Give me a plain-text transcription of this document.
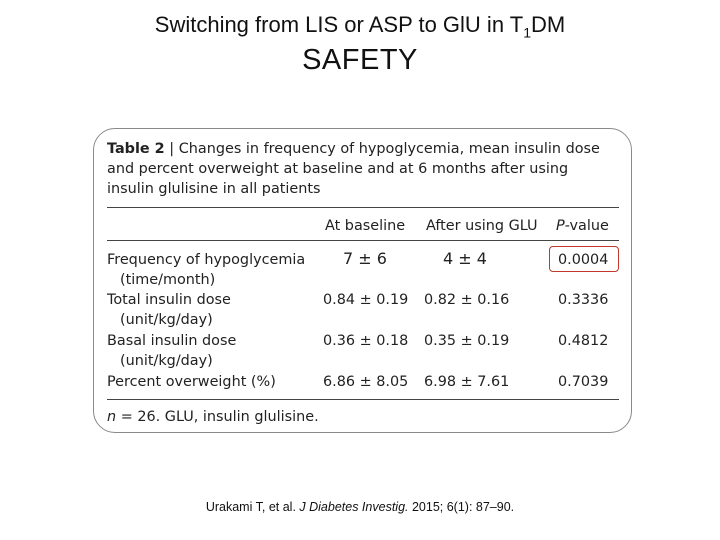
Switching from LIS or ASP to GlU in $T_1DM$
SAFETY
Table 2 | Changes in frequency of hypoglycemia, mean insulin dose and percent overweight at baseline and at 6 months after using insulin glulisine in all patients
At baseline After using GLU P-value
Frequency of hypoglycemia
(time/month)
7 ± 6	4 ± 4	0.0004
Total insulin dose
(unit/kg/day)
0.84 ± 0.19 0.82 ± 0.16	0.3336
Basal insulin dose
(unit/kg/day)
0.36 ± 0.18 0.35 ± 0.19	0.4812
Percent overweight (%)	6.86 ± 8.05 6.98 ± 7.61	0.7039
n = 26. GLU, insulin glulisine.
Urakami T, et al. J Diabetes Investig. 2015; 6(1): 87–90.
